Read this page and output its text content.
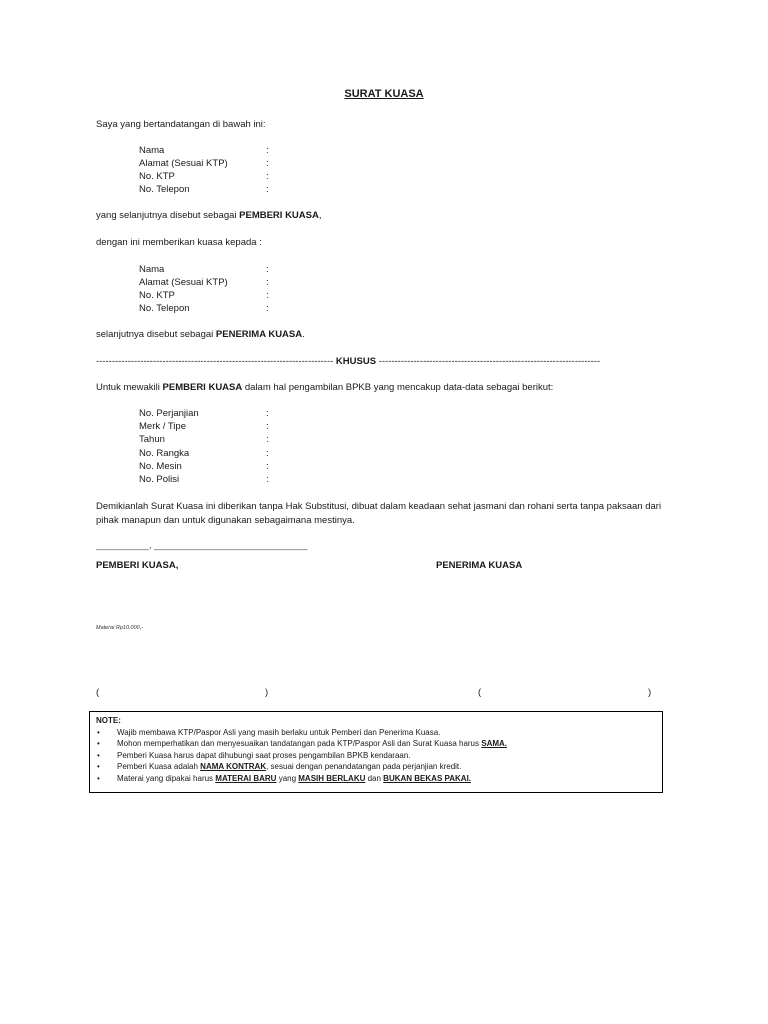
SURAT KUASA
Saya yang bertandatangan di bawah ini:
Nama	:
Alamat (Sesuai KTP)	:
No. KTP	:
No. Telepon	:
yang selanjutnya disebut sebagai PEMBERI KUASA,
dengan ini memberikan kuasa kepada :
Nama	:
Alamat (Sesuai KTP)	:
No. KTP	:
No. Telepon	:
selanjutnya disebut sebagai PENERIMA KUASA.
--------------------------------------------------------------------------- KHUSUS ----------------------------------------------------------------------
Untuk mewakili PEMBERI KUASA dalam hal pengambilan BPKB yang mencakup data-data sebagai berikut:
No. Perjanjian	:
Merk / Tipe	:
Tahun	:
No. Rangka	:
No. Mesin	:
No. Polisi	:
Demikianlah Surat Kuasa ini diberikan tanpa Hak Substitusi, dibuat dalam keadaan sehat jasmani dan rohani serta tanpa paksaan dari pihak manapun dan untuk digunakan sebagaimana mestinya.
__________, _____________________________
PEMBERI KUASA,	PENERIMA KUASA
Materai Rp10.000,-
(	)	(	)
NOTE:
• Wajib membawa KTP/Paspor Asli yang masih berlaku untuk Pemberi dan Penerima Kuasa.
• Mohon memperhatikan dan menyesuaikan tandatangan pada KTP/Paspor Asli dan Surat Kuasa harus SAMA.
• Pemberi Kuasa harus dapat dihubungi saat proses pengambilan BPKB kendaraan.
• Pemberi Kuasa adalah NAMA KONTRAK, sesuai dengan penandatangan pada perjanjian kredit.
• Materai yang dipakai harus MATERAI BARU yang MASIH BERLAKU dan BUKAN BEKAS PAKAI.
